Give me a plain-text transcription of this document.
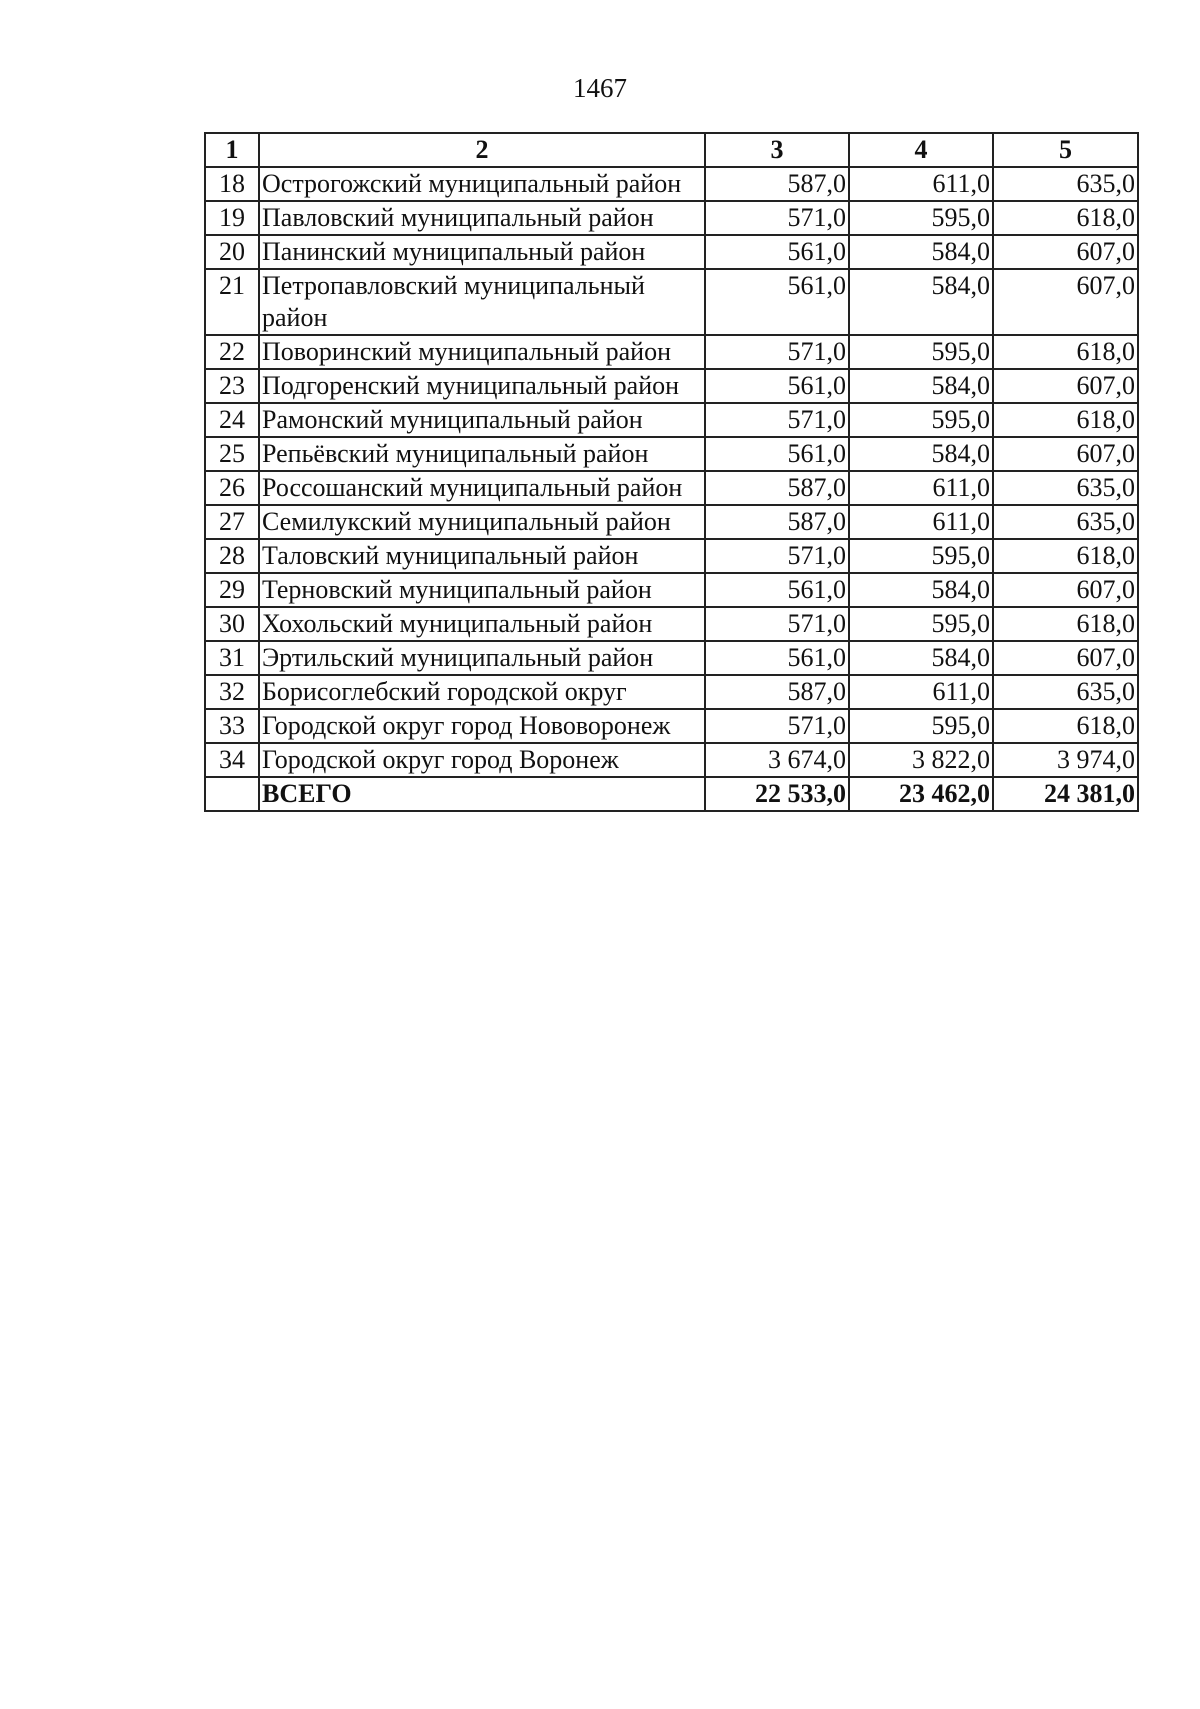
1467
1	2	3	4	5
18	Острогожский муниципальный район	587,0	611,0	635,0
19	Павловский муниципальный район	571,0	595,0	618,0
20	Панинский муниципальный район	561,0	584,0	607,0
21	Петропавловский муниципальный район	561,0	584,0	607,0
22	Поворинский муниципальный район	571,0	595,0	618,0
23	Подгоренский муниципальный район	561,0	584,0	607,0
24	Рамонский муниципальный район	571,0	595,0	618,0
25	Репьёвский муниципальный район	561,0	584,0	607,0
26	Россошанский муниципальный район	587,0	611,0	635,0
27	Семилукский муниципальный район	587,0	611,0	635,0
28	Таловский муниципальный район	571,0	595,0	618,0
29	Терновский муниципальный район	561,0	584,0	607,0
30	Хохольский муниципальный район	571,0	595,0	618,0
31	Эртильский муниципальный район	561,0	584,0	607,0
32	Борисоглебский городской округ	587,0	611,0	635,0
33	Городской округ город Нововоронеж	571,0	595,0	618,0
34	Городской округ город Воронеж	3 674,0	3 822,0	3 974,0
	ВСЕГО	22 533,0	23 462,0	24 381,0
